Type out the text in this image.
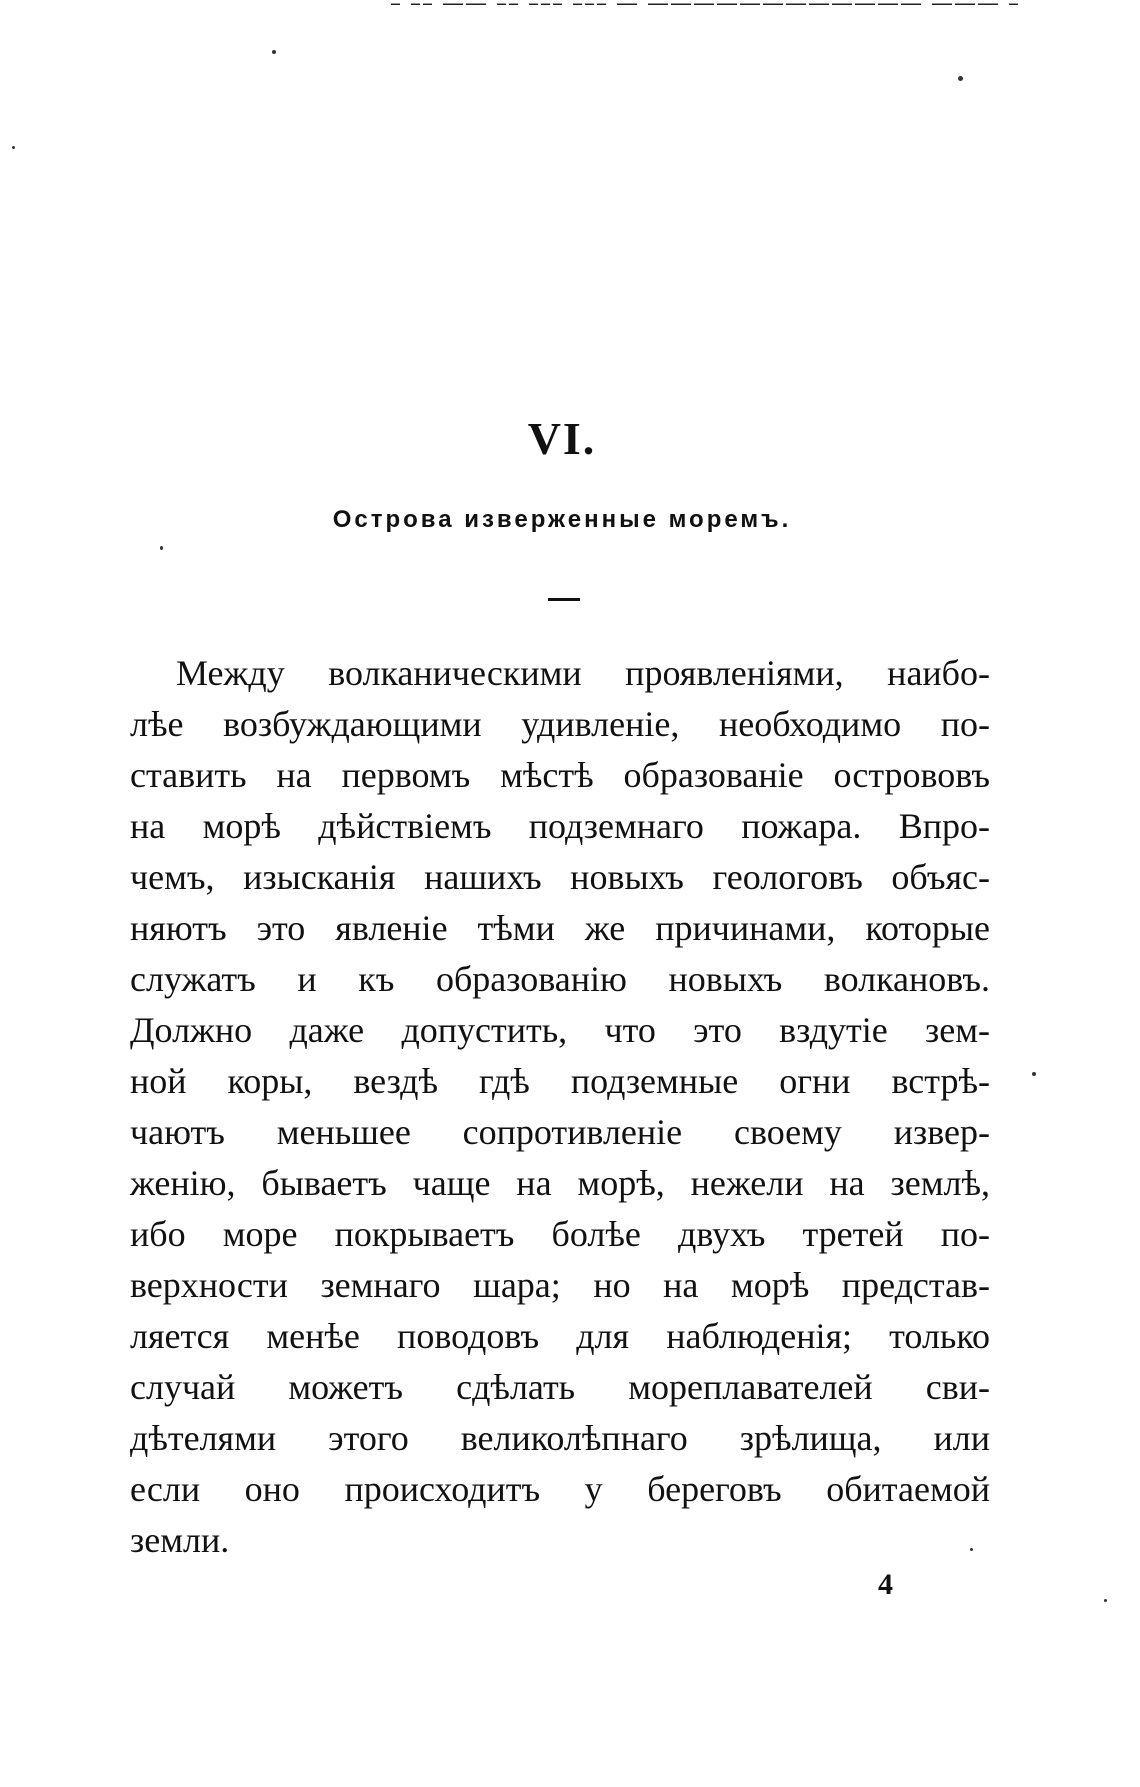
– –– —— –– ––– ––– — ———————————— ——— –
VI.
Острова изверженные моремъ.
Между волканическими проявленіями, наибо-
лѣе возбуждающими удивленіе, необходимо по-
ставить на первомъ мѣстѣ образованіе острововъ
на морѣ дѣйствіемъ подземнаго пожара. Впро-
чемъ, изысканія нашихъ новыхъ геологовъ объяс-
няютъ это явленіе тѣми же причинами, которые
служатъ и къ образованію новыхъ волкановъ.
Должно даже допустить, что это вздутіе зем-
ной коры, вездѣ гдѣ подземные огни встрѣ-
чаютъ меньшее сопротивленіе своему извер-
женію, бываетъ чаще на морѣ, нежели на землѣ,
ибо море покрываетъ болѣе двухъ третей по-
верхности земнаго шара; но на морѣ представ-
ляется менѣе поводовъ для наблюденія; только
случай можетъ сдѣлать мореплавателей сви-
дѣтелями этого великолѣпнаго зрѣлища, или
если оно происходитъ у береговъ обитаемой
земли.
4
